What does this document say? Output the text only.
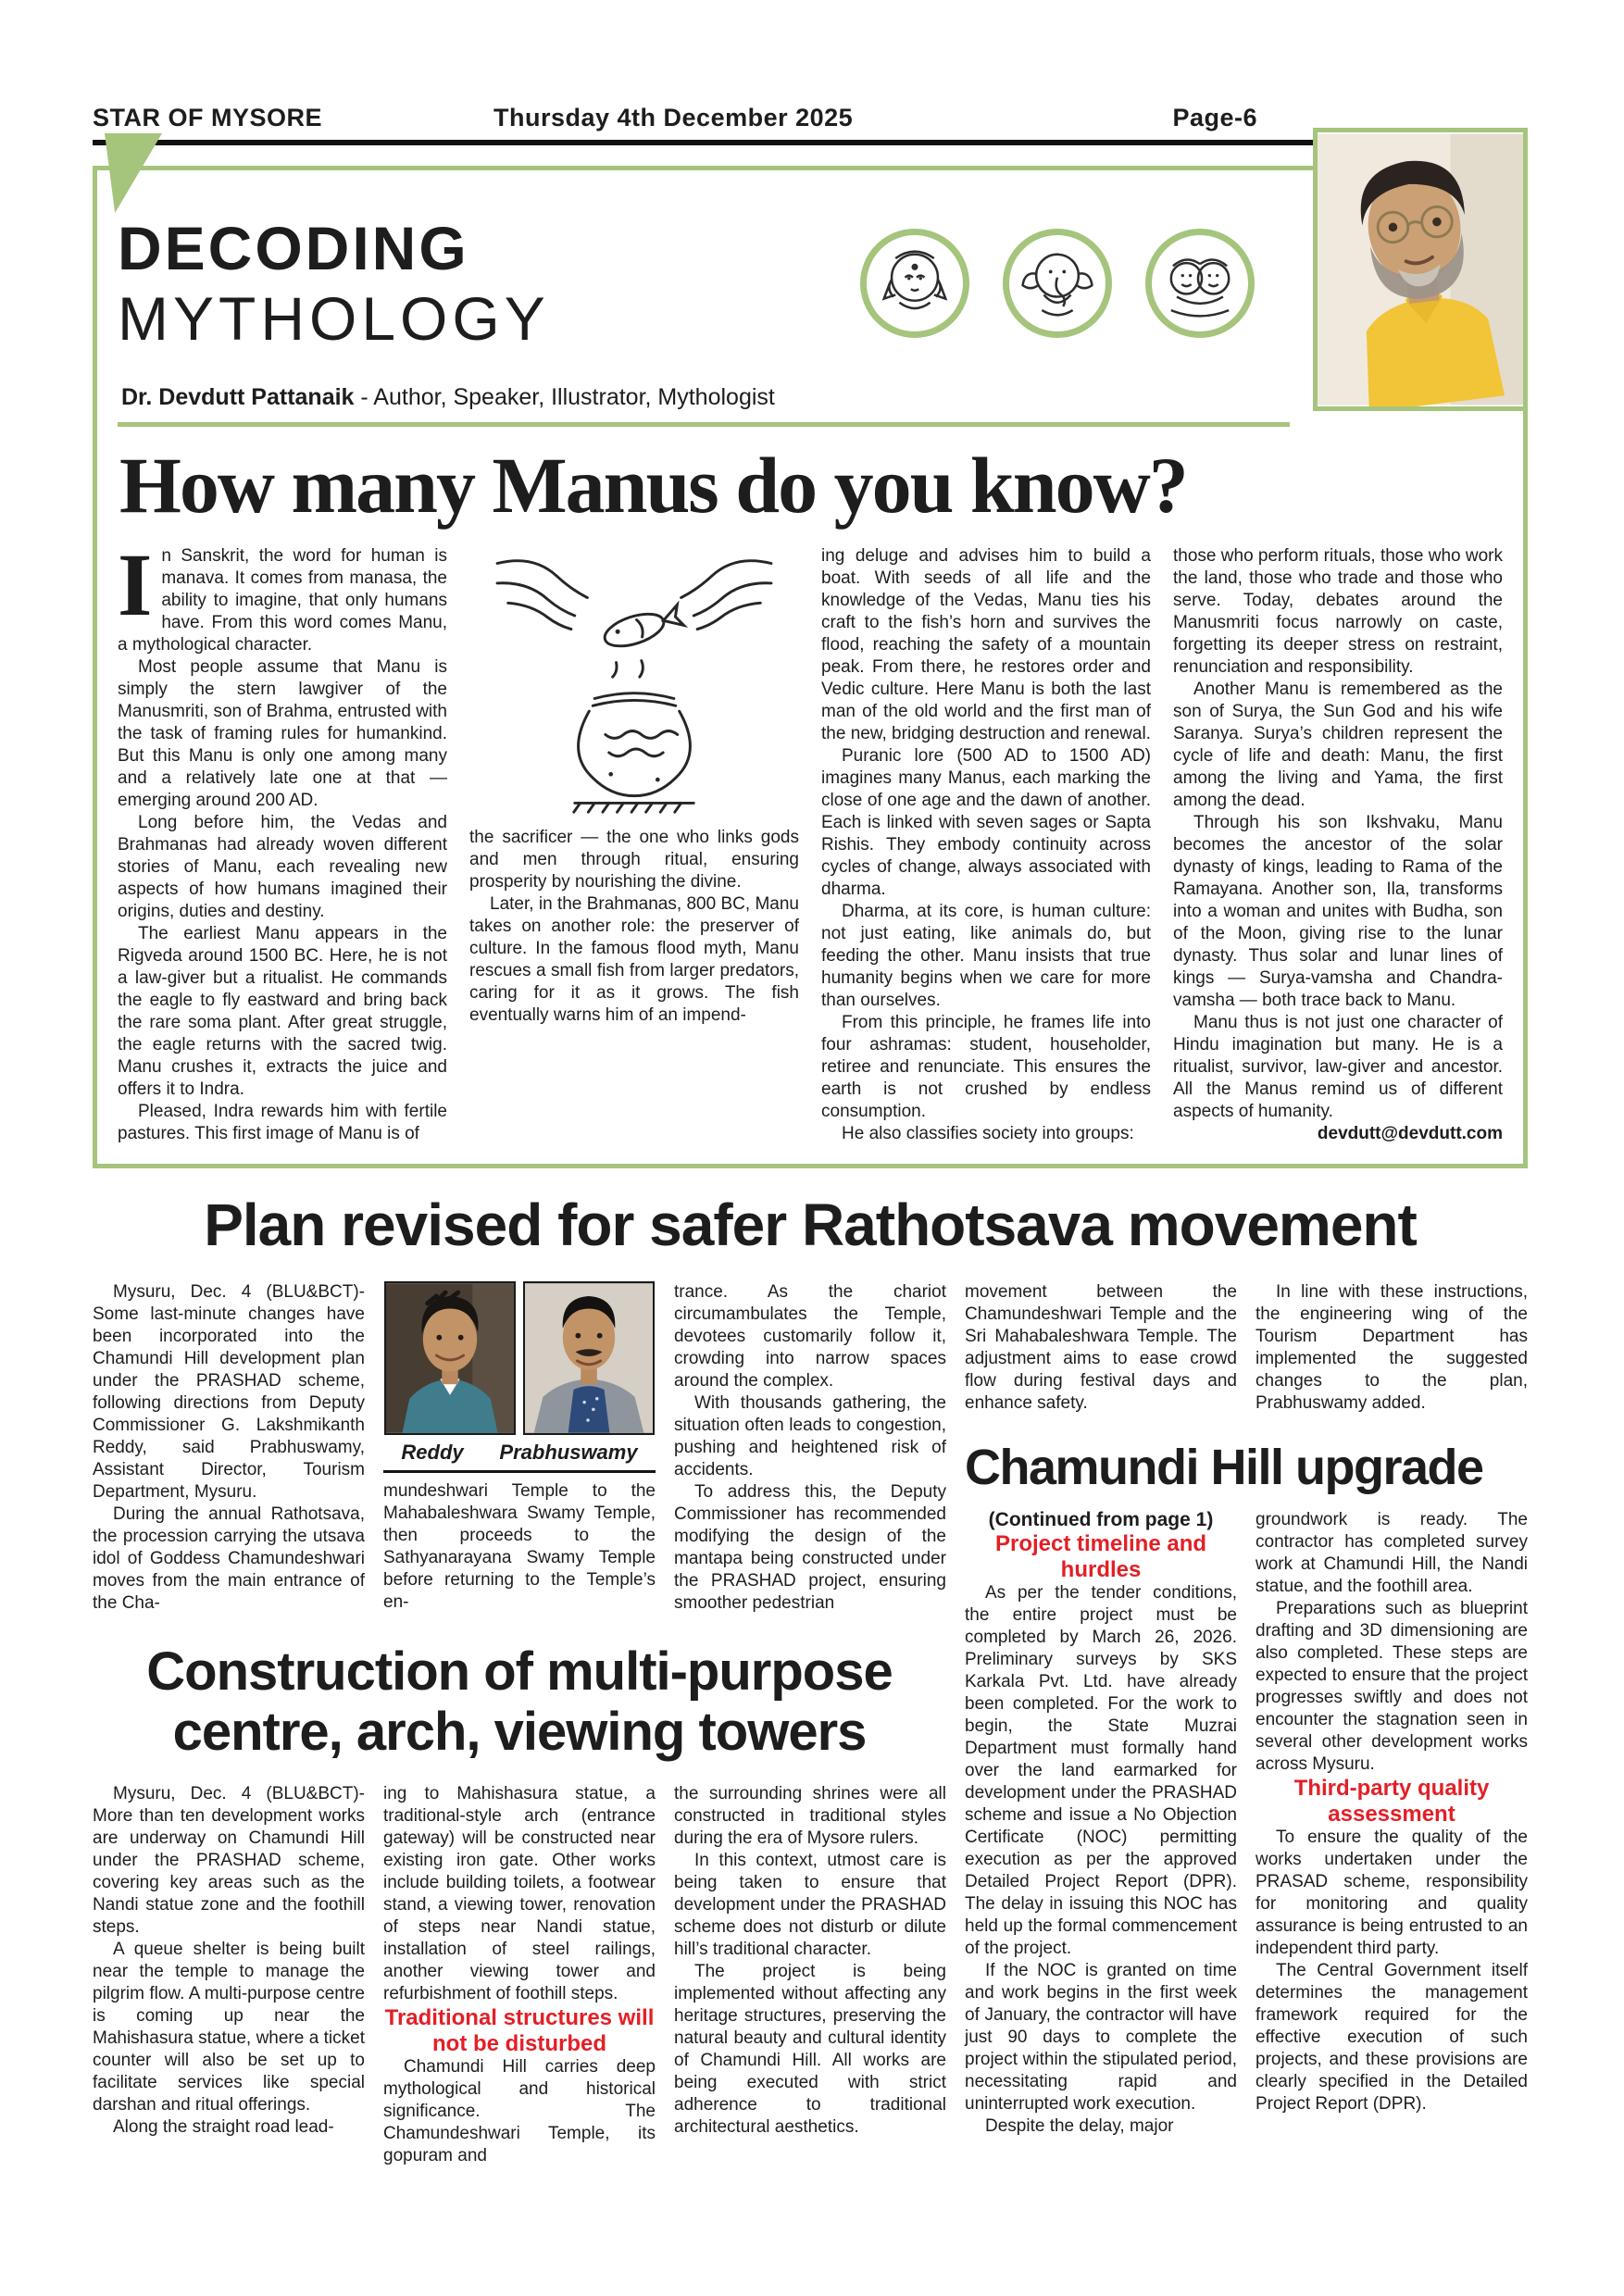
STAR OF MYSORE	Thursday 4th December 2025	Page-6
DECODING
MYTHOLOGY
Dr. Devdutt Pattanaik - Author, Speaker, Illustrator, Mythologist
How many Manus do you know?

In Sanskrit, the word for human is manava. It comes from manasa, the ability to imagine, that only humans have. From this word comes Manu, a mythological character.

Most people assume that Manu is simply the stern lawgiver of the Manusmriti, son of Brahma, entrusted with the task of framing rules for humankind. But this Manu is only one among many and a relatively late one at that — emerging around 200 AD.

Long before him, the Vedas and Brahmanas had already woven different stories of Manu, each revealing new aspects of how humans imagined their origins, duties and destiny.

The earliest Manu appears in the Rigveda around 1500 BC. Here, he is not a law-giver but a ritualist. He commands the eagle to fly eastward and bring back the rare soma plant. After great struggle, the eagle returns with the sacred twig. Manu crushes it, extracts the juice and offers it to Indra.

Pleased, Indra rewards him with fertile pastures. This first image of Manu is of

the sacrificer — the one who links gods and men through ritual, ensuring prosperity by nourishing the divine.

Later, in the Brahmanas, 800 BC, Manu takes on another role: the preserver of culture. In the famous flood myth, Manu rescues a small fish from larger predators, caring for it as it grows. The fish eventually warns him of an impend-

ing deluge and advises him to build a boat. With seeds of all life and the knowledge of the Vedas, Manu ties his craft to the fish’s horn and survives the flood, reaching the safety of a mountain peak. From there, he restores order and Vedic culture. Here Manu is both the last man of the old world and the first man of the new, bridging destruction and renewal.

Puranic lore (500 AD to 1500 AD) imagines many Manus, each marking the close of one age and the dawn of another. Each is linked with seven sages or Sapta Rishis. They embody continuity across cycles of change, always associated with dharma.

Dharma, at its core, is human culture: not just eating, like animals do, but feeding the other. Manu insists that true humanity begins when we care for more than ourselves.

From this principle, he frames life into four ashramas: student, householder, retiree and renunciate. This ensures the earth is not crushed by endless consumption.

He also classifies society into groups:

those who perform rituals, those who work the land, those who trade and those who serve. Today, debates around the Manusmriti focus narrowly on caste, forgetting its deeper stress on restraint, renunciation and responsibility.

Another Manu is remembered as the son of Surya, the Sun God and his wife Saranya. Surya’s children represent the cycle of life and death: Manu, the first among the living and Yama, the first among the dead.

Through his son Ikshvaku, Manu becomes the ancestor of the solar dynasty of kings, leading to Rama of the Ramayana. Another son, Ila, transforms into a woman and unites with Budha, son of the Moon, giving rise to the lunar dynasty. Thus solar and lunar lines of kings — Surya-vamsha and Chandra-vamsha — both trace back to Manu.

Manu thus is not just one character of Hindu imagination but many. He is a ritualist, survivor, law-giver and ancestor. All the Manus remind us of different aspects of humanity.

devdutt@devdutt.com

Plan revised for safer Rathotsava movement

Mysuru, Dec. 4 (BLU&BCT)- Some last-minute changes have been incorporated into the Chamundi Hill development plan under the PRASHAD scheme, following directions from Deputy Commissioner G. Lakshmikanth Reddy, said Prabhuswamy, Assistant Director, Tourism Department, Mysuru.

During the annual Rathotsava, the procession carrying the utsava idol of Goddess Chamundeshwari moves from the main entrance of the Cha-

Reddy Prabhuswamy

mundeshwari Temple to the Mahabaleshwara Swamy Temple, then proceeds to the Sathyanarayana Swamy Temple before returning to the Temple’s en-

trance. As the chariot circumambulates the Temple, devotees customarily follow it, crowding into narrow spaces around the complex.

With thousands gathering, the situation often leads to congestion, pushing and heightened risk of accidents.

To address this, the Deputy Commissioner has recommended modifying the design of the mantapa being constructed under the PRASHAD project, ensuring smoother pedestrian

Construction of multi-purpose
centre, arch, viewing towers

Mysuru, Dec. 4 (BLU&BCT)- More than ten development works are underway on Chamundi Hill under the PRASHAD scheme, covering key areas such as the Nandi statue zone and the foothill steps.

A queue shelter is being built near the temple to manage the pilgrim flow. A multi-purpose centre is coming up near the Mahishasura statue, where a ticket counter will also be set up to facilitate services like special darshan and ritual offerings.

Along the straight road lead-

ing to Mahishasura statue, a traditional-style arch (entrance gateway) will be constructed near existing iron gate. Other works include building toilets, a footwear stand, a viewing tower, renovation of steps near Nandi statue, installation of steel railings, another viewing tower and refurbishment of foothill steps.

Traditional structures will not be disturbed

Chamundi Hill carries deep mythological and historical significance. The Chamundeshwari Temple, its gopuram and

the surrounding shrines were all constructed in traditional styles during the era of Mysore rulers.

In this context, utmost care is being taken to ensure that development under the PRASHAD scheme does not disturb or dilute hill’s traditional character.

The project is being implemented without affecting any heritage structures, preserving the natural beauty and cultural identity of Chamundi Hill. All works are being executed with strict adherence to traditional architectural aesthetics.

movement between the Chamundeshwari Temple and the Sri Mahabaleshwara Temple. The adjustment aims to ease crowd flow during festival days and enhance safety.

In line with these instructions, the engineering wing of the Tourism Department has implemented the suggested changes to the plan, Prabhuswamy added.

Chamundi Hill upgrade

(Continued from page 1)

Project timeline and hurdles

As per the tender conditions, the entire project must be completed by March 26, 2026. Preliminary surveys by SKS Karkala Pvt. Ltd. have already been completed. For the work to begin, the State Muzrai Department must formally hand over the land earmarked for development under the PRASHAD scheme and issue a No Objection Certificate (NOC) permitting execution as per the approved Detailed Project Report (DPR). The delay in issuing this NOC has held up the formal commencement of the project.

If the NOC is granted on time and work begins in the first week of January, the contractor will have just 90 days to complete the project within the stipulated period, necessitating rapid and uninterrupted work execution.

Despite the delay, major

groundwork is ready. The contractor has completed survey work at Chamundi Hill, the Nandi statue, and the foothill area.

Preparations such as blueprint drafting and 3D dimensioning are also completed. These steps are expected to ensure that the project progresses swiftly and does not encounter the stagnation seen in several other development works across Mysuru.

Third-party quality assessment

To ensure the quality of the works undertaken under the PRASAD scheme, responsibility for monitoring and quality assurance is being entrusted to an independent third party.

The Central Government itself determines the management framework required for the effective execution of such projects, and these provisions are clearly specified in the Detailed Project Report (DPR).
